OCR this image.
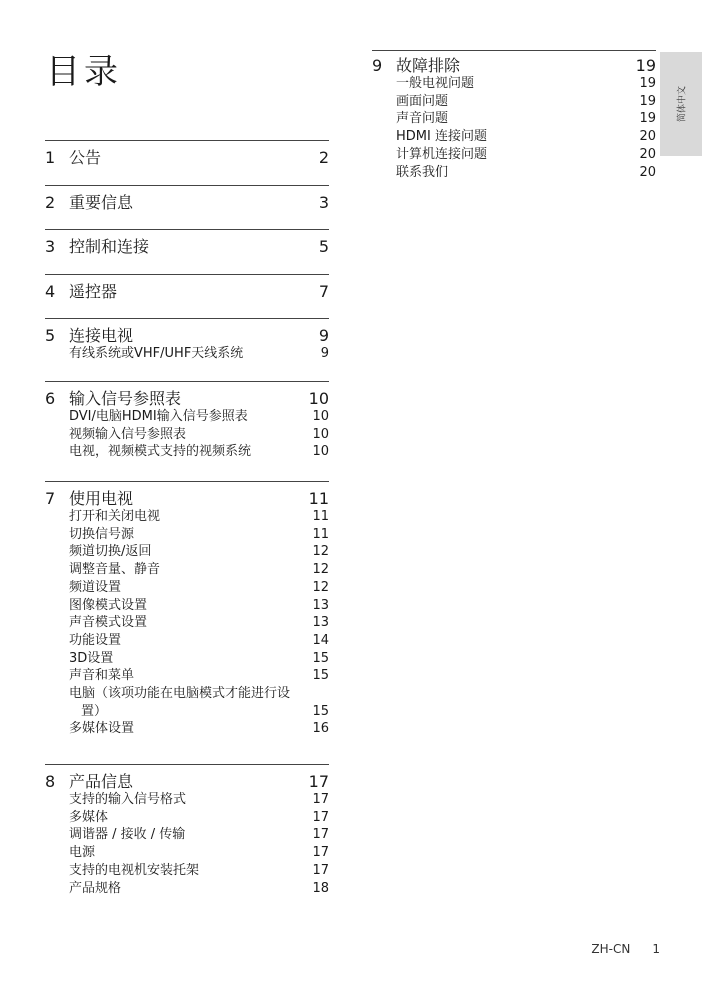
目录
简体中文
1 公告	2
2 重要信息	3
3 控制和连接	5
4 遥控器	7
5 连接电视	9
有线系统或VHF/UHF天线系统	9
6 输入信号参照表	10
DVI/电脑HDMI输入信号参照表	10
视频输入信号参照表	10
电视，视频模式支持的视频系统	10
7 使用电视	11
打开和关闭电视	11
切换信号源	11
频道切换/返回	12
调整音量、静音	12
频道设置	12
图像模式设置	13
声音模式设置	13
功能设置	14
3D设置	15
声音和菜单	15
电脑（该项功能在电脑模式才能进行设
置）	15
多媒体设置	16
8 产品信息	17
支持的输入信号格式	17
多媒体	17
调谐器 / 接收 / 传输	17
电源	17
支持的电视机安装托架	17
产品规格	18
9 故障排除	19
一般电视问题	19
画面问题	19
声音问题	19
HDMI 连接问题	20
计算机连接问题	20
联系我们	20
ZH-CN 1
